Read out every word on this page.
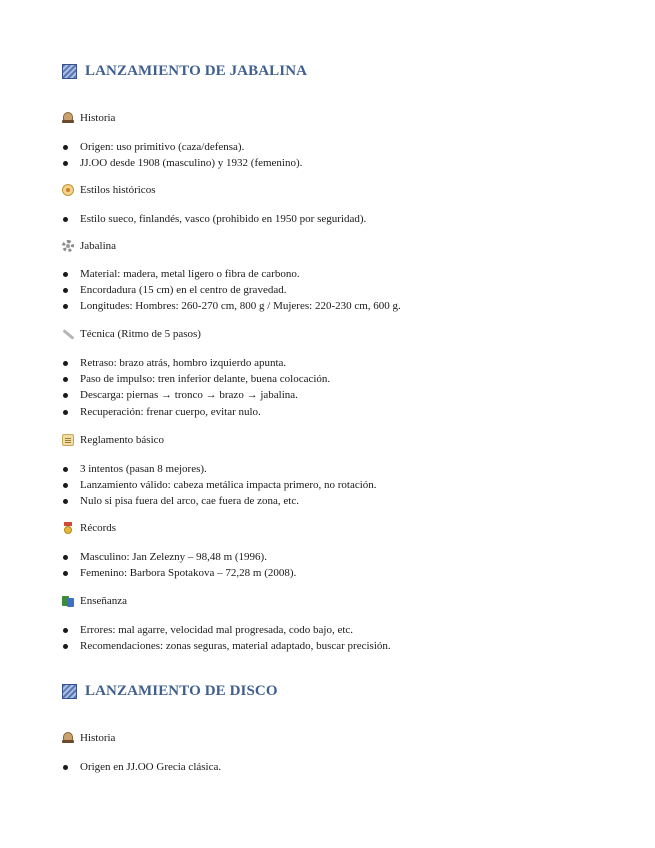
LANZAMIENTO DE JABALINA
Historia
Origen: uso primitivo (caza/defensa).
JJ.OO desde 1908 (masculino) y 1932 (femenino).
Estilos históricos
Estilo sueco, finlandés, vasco (prohibido en 1950 por seguridad).
Jabalina
Material: madera, metal ligero o fibra de carbono.
Encordadura (15 cm) en el centro de gravedad.
Longitudes: Hombres: 260-270 cm, 800 g / Mujeres: 220-230 cm, 600 g.
Técnica (Ritmo de 5 pasos)
Retraso: brazo atrás, hombro izquierdo apunta.
Paso de impulso: tren inferior delante, buena colocación.
Descarga: piernas → tronco → brazo → jabalina.
Recuperación: frenar cuerpo, evitar nulo.
Reglamento básico
3 intentos (pasan 8 mejores).
Lanzamiento válido: cabeza metálica impacta primero, no rotación.
Nulo si pisa fuera del arco, cae fuera de zona, etc.
Récords
Masculino: Jan Zelezny – 98,48 m (1996).
Femenino: Barbora Spotakova – 72,28 m (2008).
Enseñanza
Errores: mal agarre, velocidad mal progresada, codo bajo, etc.
Recomendaciones: zonas seguras, material adaptado, buscar precisión.
LANZAMIENTO DE DISCO
Historia
Origen en JJ.OO Grecia clásica.
